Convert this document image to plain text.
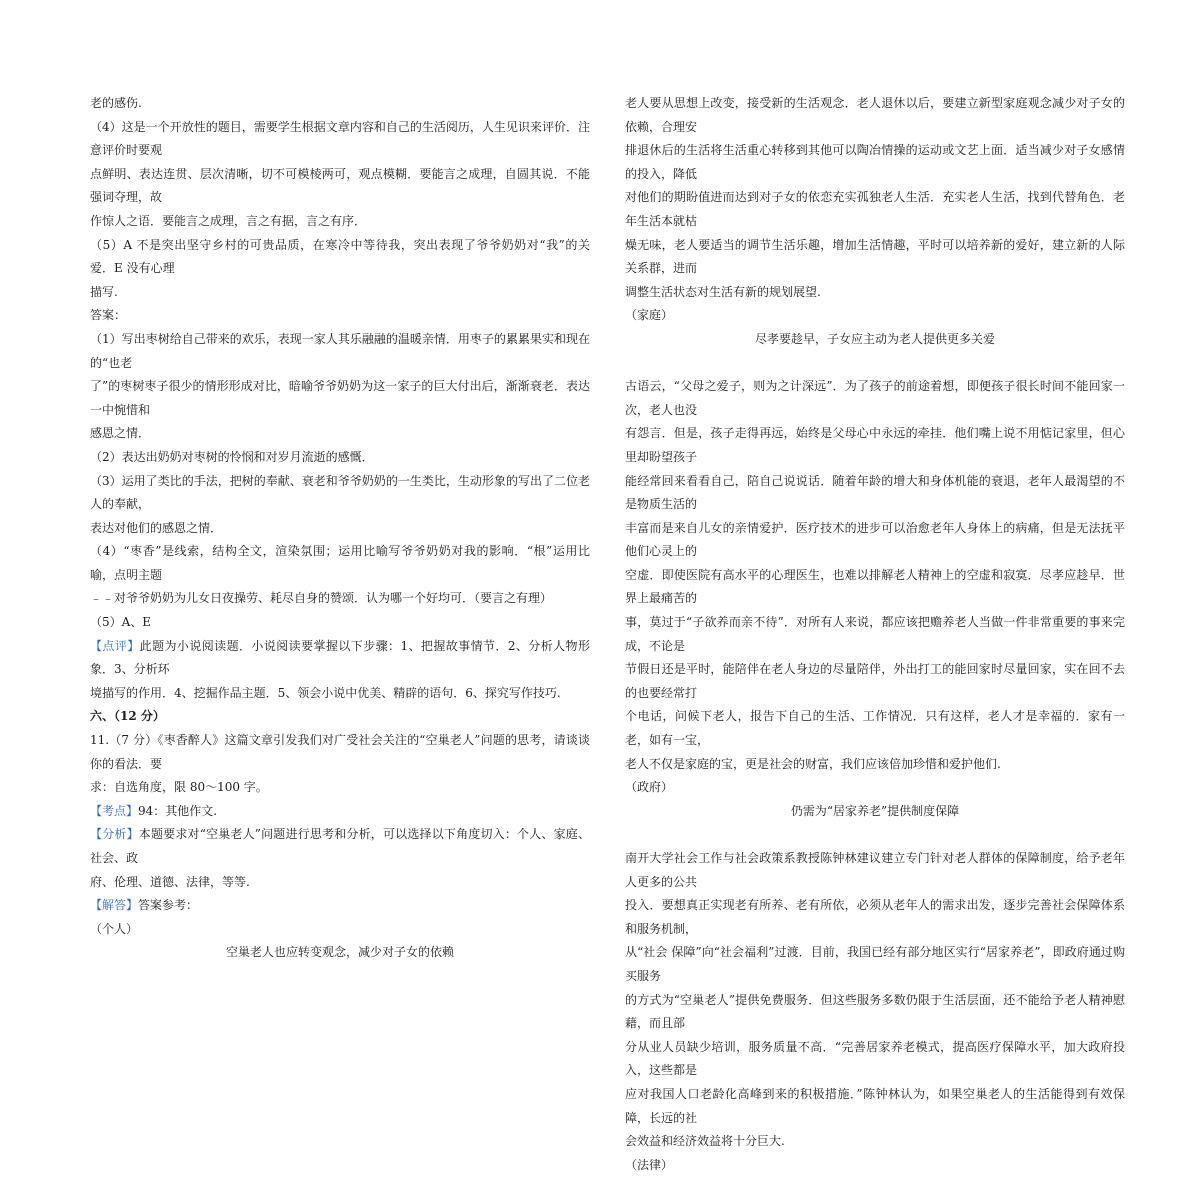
老的感伤.

（4）这是一个开放性的题目，需要学生根据文章内容和自己的生活阅历，人生见识来评价．注意评价时要观

点鲜明、表达连贯、层次清晰，切不可模棱两可，观点模糊．要能言之成理，自圆其说．不能强词夺理，故

作惊人之语．要能言之成理，言之有据，言之有序．

（5）A 不是突出坚守乡村的可贵品质，在寒冷中等待我，突出表现了爷爷奶奶对“我”的关爱．E 没有心理

描写.

答案：

（1）写出枣树给自己带来的欢乐，表现一家人其乐融融的温暖亲情．用枣子的累累果实和现在的“也老

了”的枣树枣子很少的情形形成对比，暗喻爷爷奶奶为这一家子的巨大付出后，渐渐衰老．表达一中惋惜和

感恩之情．

（2）表达出奶奶对枣树的怜悯和对岁月流逝的感慨．

（3）运用了类比的手法，把树的奉献、衰老和爷爷奶奶的一生类比，生动形象的写出了二位老人的奉献，

表达对他们的感恩之情．

（4）“枣香”是线索，结构全文，渲染氛围；运用比喻写爷爷奶奶对我的影响．“根”运用比喻，点明主题

﹣﹣对爷爷奶奶为儿女日夜操劳、耗尽自身的赞颂．认为哪一个好均可．（要言之有理）

（5）A、E

【点评】此题为小说阅读题．小说阅读要掌握以下步骤：1、把握故事情节．2、分析人物形象．3、分析环

境描写的作用．4、挖掘作品主题．5、领会小说中优美、精辟的语句．6、探究写作技巧.

六、（12 分）

11.（7 分）《枣香醉人》这篇文章引发我们对广受社会关注的“空巢老人”问题的思考，请谈谈你的看法．要

求：自选角度，限 80～100 字。

【考点】94：其他作文.

【分析】本题要求对“空巢老人”问题进行思考和分析，可以选择以下角度切入：个人、家庭、社会、政

府、伦理、道德、法律，等等.

【解答】答案参考：

（个人）

空巢老人也应转变观念，减少对子女的依赖

老人要从思想上改变，接受新的生活观念．老人退休以后，要建立新型家庭观念减少对子女的依赖，合理安

排退休后的生活将生活重心转移到其他可以陶冶情操的运动或文艺上面．适当减少对子女感情的投入，降低

对他们的期盼值进而达到对子女的依恋充实孤独老人生活．充实老人生活，找到代替角色．老年生活本就枯

燥无味，老人要适当的调节生活乐趣，增加生活情趣，平时可以培养新的爱好，建立新的人际关系群，进而

调整生活状态对生活有新的规划展望.

（家庭）

尽孝要趁早，子女应主动为老人提供更多关爱

古语云，“父母之爱子，则为之计深远”．为了孩子的前途着想，即便孩子很长时间不能回家一次，老人也没

有怨言．但是，孩子走得再远，始终是父母心中永远的牵挂．他们嘴上说不用惦记家里，但心里却盼望孩子

能经常回来看看自己，陪自己说说话．随着年龄的增大和身体机能的衰退，老年人最渴望的不是物质生活的

丰富而是来自儿女的亲情爱护．医疗技术的进步可以治愈老年人身体上的病痛，但是无法抚平他们心灵上的

空虚．即使医院有高水平的心理医生，也难以排解老人精神上的空虚和寂寞．尽孝应趁早．世界上最痛苦的

事，莫过于“子欲养而亲不待”．对所有人来说，都应该把赡养老人当做一件非常重要的事来完成，不论是

节假日还是平时，能陪伴在老人身边的尽量陪伴，外出打工的能回家时尽量回家，实在回不去的也要经常打

个电话，问候下老人，报告下自己的生活、工作情况．只有这样，老人才是幸福的．家有一老，如有一宝，

老人不仅是家庭的宝，更是社会的财富，我们应该倍加珍惜和爱护他们.

（政府）

仍需为“居家养老”提供制度保障

南开大学社会工作与社会政策系教授陈钟林建议建立专门针对老人群体的保障制度，给予老年人更多的公共

投入．要想真正实现老有所养、老有所依，必须从老年人的需求出发，逐步完善社会保障体系和服务机制，

从“社会 保障”向“社会福利”过渡．目前，我国已经有部分地区实行“居家养老”，即政府通过购买服务

的方式为“空巢老人”提供免费服务．但这些服务多数仍限于生活层面，还不能给予老人精神慰藉，而且部

分从业人员缺少培训，服务质量不高．“完善居家养老模式，提高医疗保障水平，加大政府投入，这些都是

应对我国人口老龄化高峰到来的积极措施．”陈钟林认为，如果空巢老人的生活能得到有效保障，长远的社

会效益和经济效益将十分巨大.

（法律）
